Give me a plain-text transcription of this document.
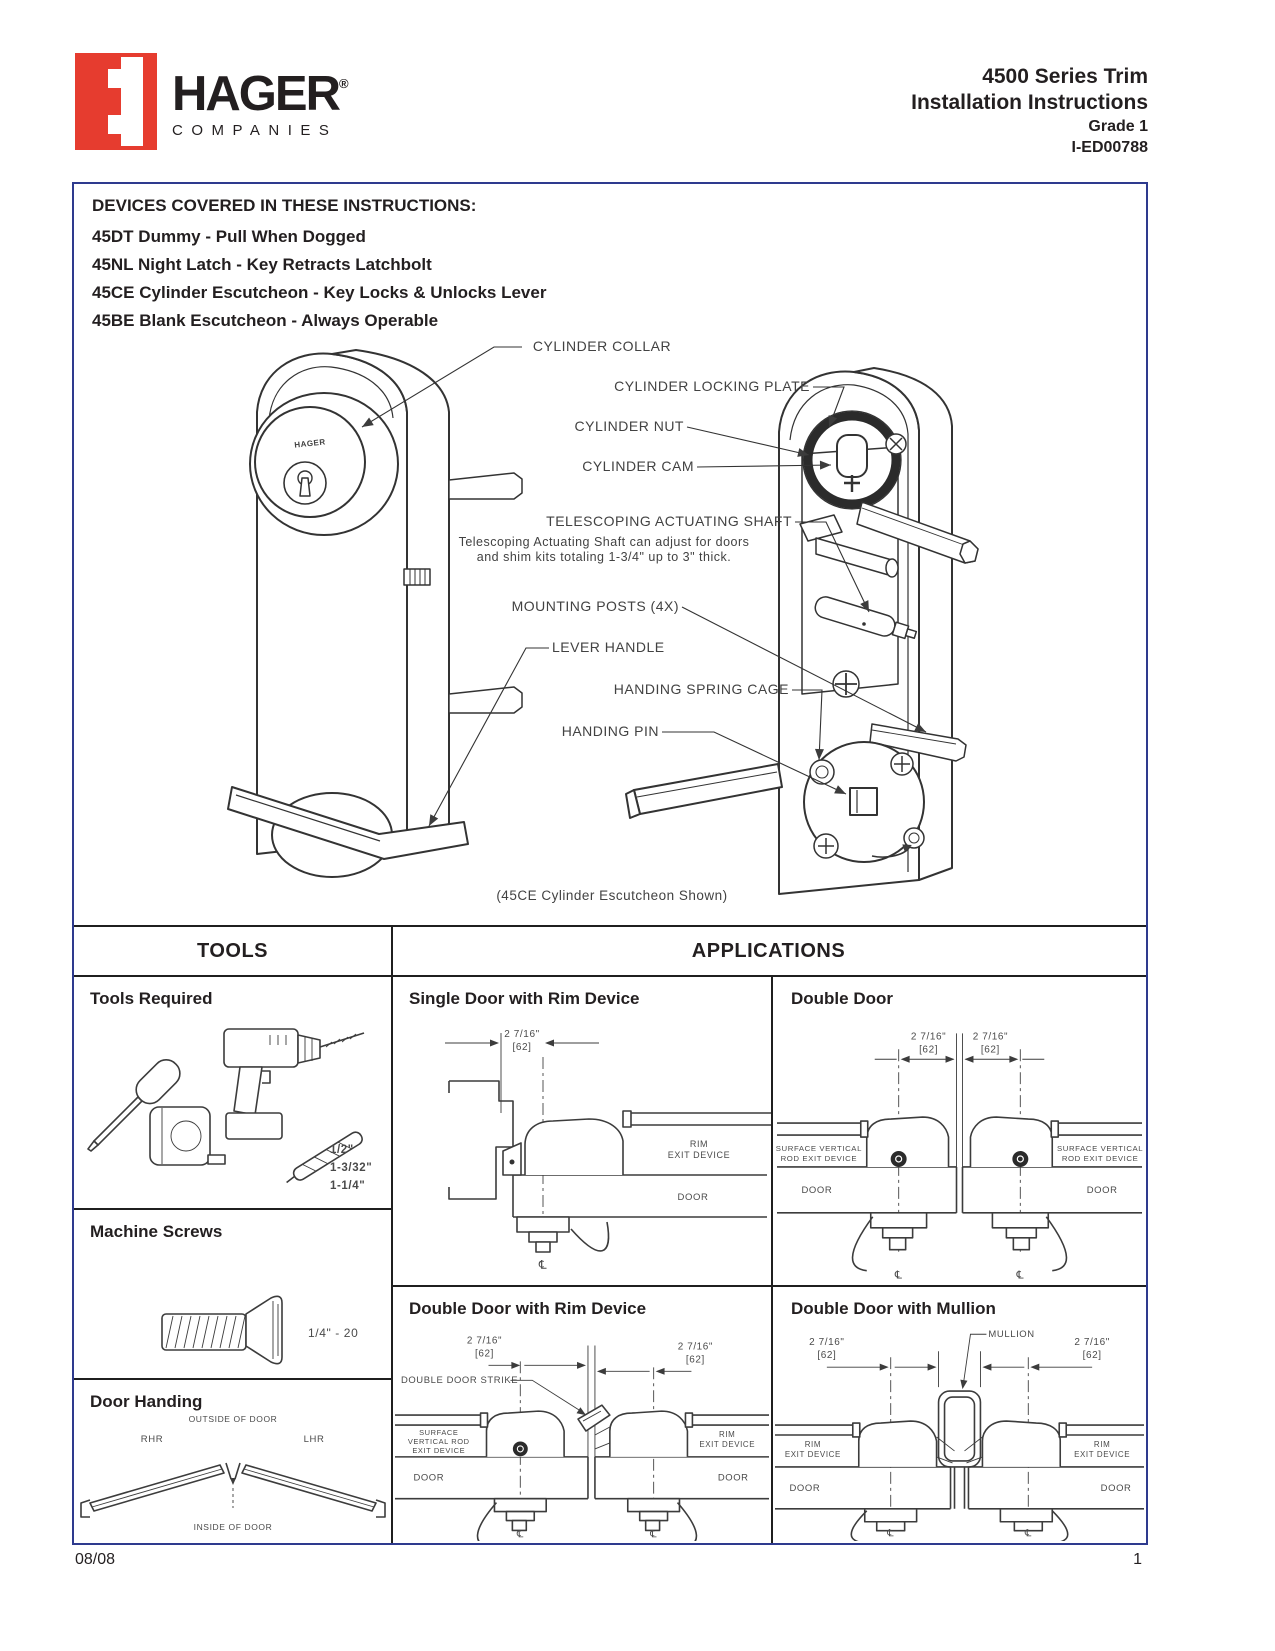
HAGER®
COMPANIES
4500 Series Trim
Installation Instructions
Grade 1
I-ED00788
DEVICES COVERED IN THESE INSTRUCTIONS:
45DT Dummy - Pull When Dogged
45NL Night Latch - Key Retracts Latchbolt
45CE Cylinder Escutcheon - Key Locks & Unlocks Lever
45BE Blank Escutcheon - Always Operable
HAGER
CYLINDER COLLAR
CYLINDER LOCKING PLATE
CYLINDER NUT
CYLINDER CAM
TELESCOPING ACTUATING SHAFT
Telescoping Actuating Shaft can adjust for doors
and shim kits totaling 1-3/4" up to 3" thick.
MOUNTING POSTS (4X)
LEVER HANDLE
HANDING SPRING CAGE
HANDING PIN
(45CE Cylinder Escutcheon Shown)
TOOLS	APPLICATIONS
Tools Required
1/2"
1-3/32"
1-1/4"
Machine Screws
1/4" - 20
Door Handing
OUTSIDE OF DOOR
RHR	LHR
INSIDE OF DOOR
Single Door with Rim Device
2 7/16"
[62]
DOOR
RIM
EXIT DEVICE
℄
Double Door
2 7/16"
[62]
2 7/16"
[62]
DOOR	DOOR
SURFACE VERTICAL
ROD EXIT DEVICE
SURFACE VERTICAL
ROD EXIT DEVICE
℄	℄
Double Door with Rim Device
2 7/16"
[62]
2 7/16"
[62]
DOUBLE DOOR STRIKE
DOOR	DOOR
SURFACE
VERTICAL ROD
EXIT DEVICE
RIM
EXIT DEVICE
℄	℄
Double Door with Mullion
MULLION
2 7/16"
[62]
2 7/16"
[62]
DOOR	DOOR
RIM
EXIT DEVICE
RIM
EXIT DEVICE
℄	℄
08/08	1
